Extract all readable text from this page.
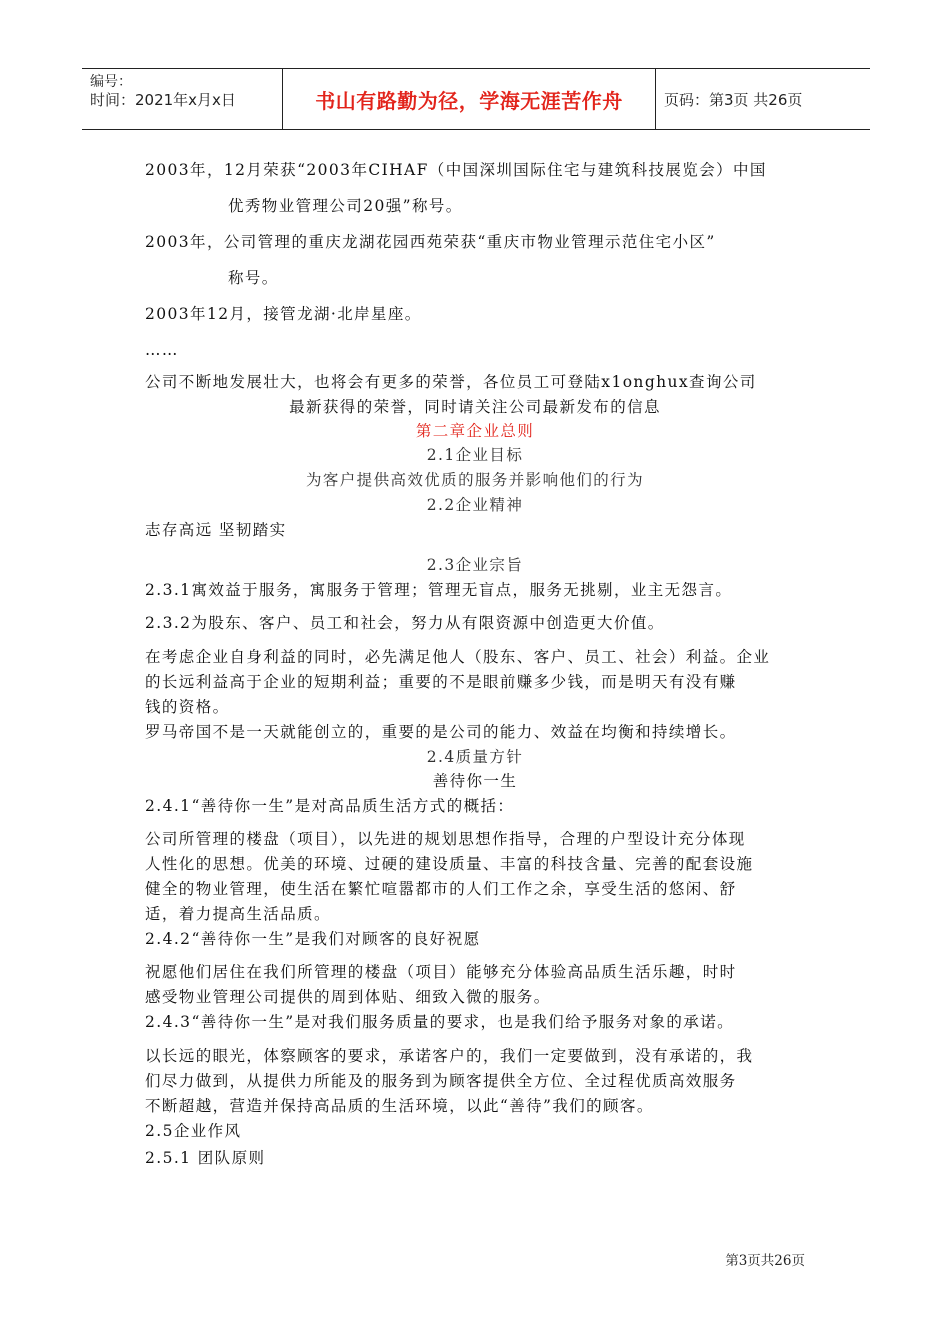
编号：
时间：2021年x月x日	书山有路勤为径，学海无涯苦作舟	页码：第3页 共26页
2003年，12月荣获“2003年CIHAF（中国深圳国际住宅与建筑科技展览会）中国
优秀物业管理公司20强”称号。
2003年，公司管理的重庆龙湖花园西苑荣获“重庆市物业管理示范住宅小区”
称号。
2003年12月，接管龙湖·北岸星座。
……
公司不断地发展壮大，也将会有更多的荣誉，各位员工可登陆x1onghux查询公司
最新获得的荣誉，同时请关注公司最新发布的信息
第二章企业总则
2.1企业目标
为客户提供高效优质的服务并影响他们的行为
2.2企业精神
志存高远 坚韧踏实
2.3企业宗旨
2.3.1寓效益于服务，寓服务于管理；管理无盲点，服务无挑剔，业主无怨言。
2.3.2为股东、客户、员工和社会，努力从有限资源中创造更大价值。
在考虑企业自身利益的同时，必先满足他人（股东、客户、员工、社会）利益。企业
的长远利益高于企业的短期利益；重要的不是眼前赚多少钱，而是明天有没有赚
钱的资格。
罗马帝国不是一天就能创立的，重要的是公司的能力、效益在均衡和持续增长。
2.4质量方针
善待你一生
2.4.1“善待你一生”是对高品质生活方式的概括：
公司所管理的楼盘（项目），以先进的规划思想作指导，合理的户型设计充分体现
人性化的思想。优美的环境、过硬的建设质量、丰富的科技含量、完善的配套设施
健全的物业管理，使生活在繁忙喧嚣都市的人们工作之余，享受生活的悠闲、舒
适，着力提高生活品质。
2.4.2“善待你一生”是我们对顾客的良好祝愿
祝愿他们居住在我们所管理的楼盘（项目）能够充分体验高品质生活乐趣，时时
感受物业管理公司提供的周到体贴、细致入微的服务。
2.4.3“善待你一生”是对我们服务质量的要求，也是我们给予服务对象的承诺。
以长远的眼光，体察顾客的要求，承诺客户的，我们一定要做到，没有承诺的，我
们尽力做到，从提供力所能及的服务到为顾客提供全方位、全过程优质高效服务
不断超越，营造并保持高品质的生活环境，以此“善待”我们的顾客。
2.5企业作风
2.5.1 团队原则
第3页共26页
